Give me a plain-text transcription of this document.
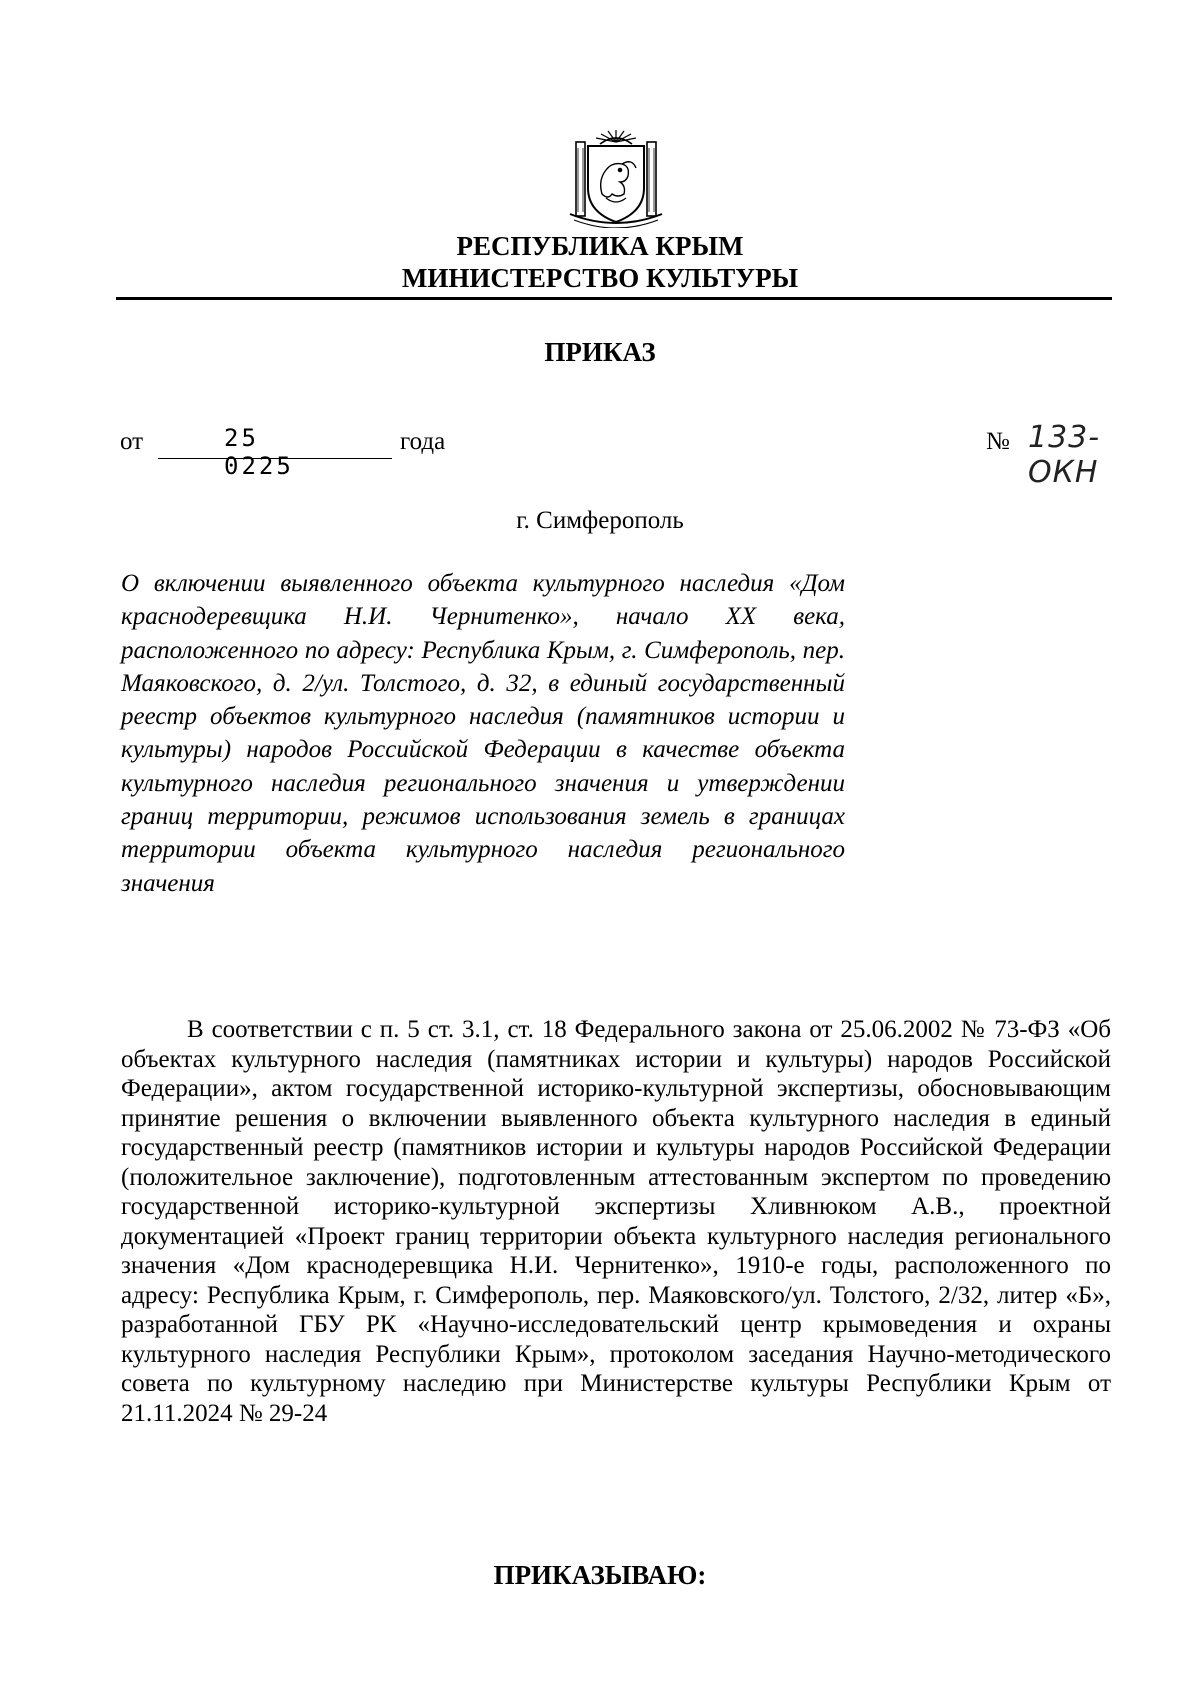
РЕСПУБЛИКА КРЫМ
МИНИСТЕРСТВО КУЛЬТУРЫ
ПРИКАЗ
от	25 0225
года	№ 133-ОКН
г. Симферополь

О включении выявленного объекта культурного наследия «Дом краснодеревщика Н.И. Чернитенко», начало XX века, расположенного по адресу: Республика Крым, г. Симферополь, пер. Маяковского, д. 2/ул. Толстого, д. 32, в единый государственный реестр объектов культурного наследия (памятников истории и культуры) народов Российской Федерации в качестве объекта культурного наследия регионального значения и утверждении границ территории, режимов использования земель в границах территории объекта культурного наследия регионального значения

В соответствии с п. 5 ст. 3.1, ст. 18 Федерального закона от 25.06.2002 № 73-ФЗ «Об объектах культурного наследия (памятниках истории и культуры) народов Российской Федерации», актом государственной историко-культурной экспертизы, обосновывающим принятие решения о включении выявленного объекта культурного наследия в единый государственный реестр (памятников истории и культуры народов Российской Федерации (положительное заключение), подготовленным аттестованным экспертом по проведению государственной историко-культурной экспертизы Хливнюком А.В., проектной документацией «Проект границ территории объекта культурного наследия регионального значения «Дом краснодеревщика Н.И. Чернитенко», 1910-е годы, расположенного по адресу: Республика Крым, г. Симферополь, пер. Маяковского/ул. Толстого, 2/32, литер «Б», разработанной ГБУ РК «Научно-исследовательский центр крымоведения и охраны культурного наследия Республики Крым», протоколом заседания Научно-методического совета по культурному наследию при Министерстве культуры Республики Крым от 21.11.2024 № 29-24

ПРИКАЗЫВАЮ:
